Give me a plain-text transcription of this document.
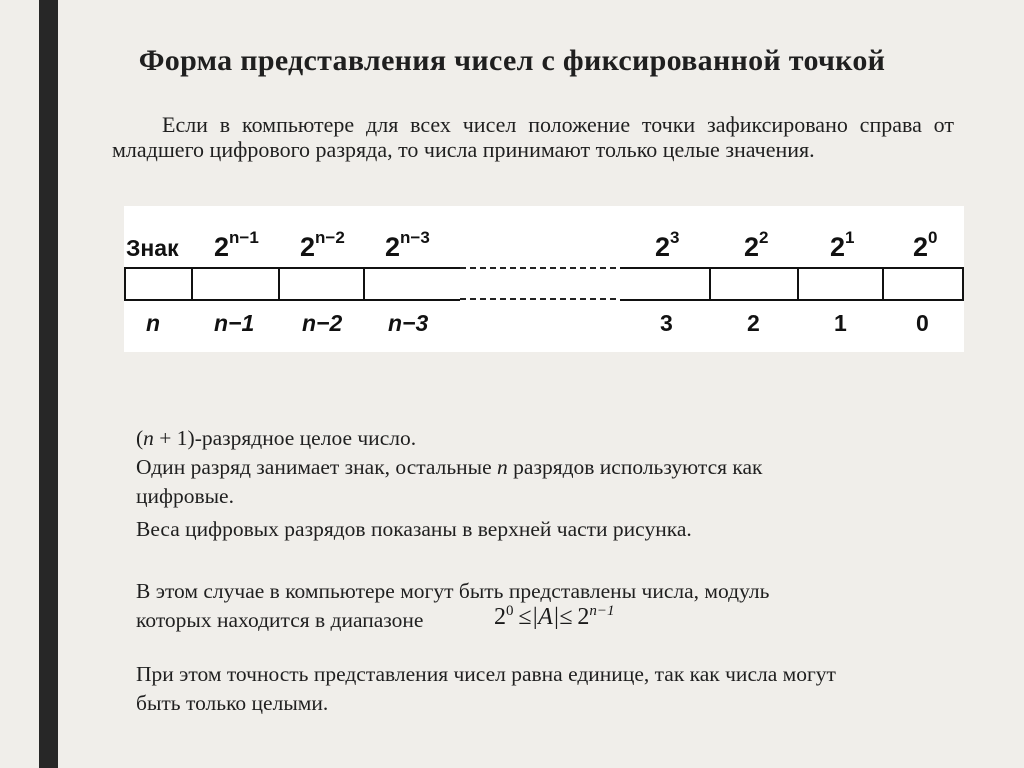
Форма представления чисел с фиксированной точкой

Если в компьютере для всех чисел положение точки зафиксировано справа от младшего цифрового разряда, то числа принимают только целые значения.

Знак $2^{n-1}$ $2^{n-2}$ $2^{n-3}$	$2^3$ $2^2$ $2^1$ $2^0$
n n−1 n−2 n−3	3	2	1	0

(n + 1)-разрядное целое число.

Один разряд занимает знак, остальные n разрядов используются как
цифровые.

Веса цифровых разрядов показаны в верхней части рисунка.

В этом случае в компьютере могут быть представлены числа, модуль
которых находится в диапазоне	$2^0 \le|A|\le 2^{n-1}$

При этом точность представления чисел равна единице, так как числа могут
быть только целыми.
